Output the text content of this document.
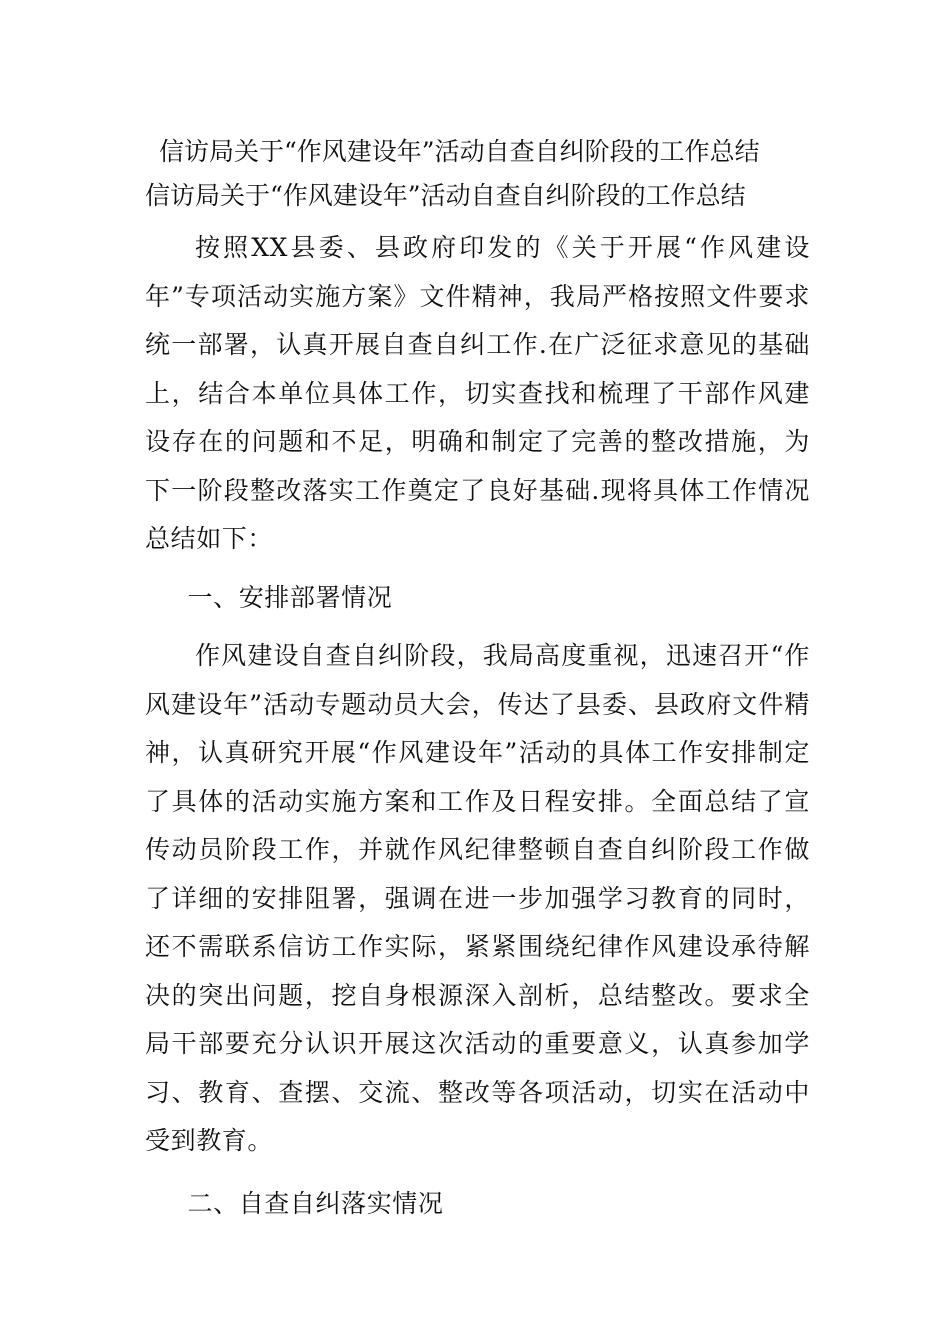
信访局关于“作风建设年”活动自查自纠阶段的工作总结
信访局关于“作风建设年”活动自查自纠阶段的工作总结

按照XX县委、县政府印发的《关于开展“作风建设年”专项活动实施方案》文件精神，我局严格按照文件要求统一部署，认真开展自查自纠工作.在广泛征求意见的基础上，结合本单位具体工作，切实查找和梳理了干部作风建设存在的问题和不足，明确和制定了完善的整改措施，为下一阶段整改落实工作奠定了良好基础.现将具体工作情况总结如下：

一、安排部署情况

作风建设自查自纠阶段，我局高度重视，迅速召开“作风建设年”活动专题动员大会，传达了县委、县政府文件精神，认真研究开展“作风建设年”活动的具体工作安排制定了具体的活动实施方案和工作及日程安排。全面总结了宣传动员阶段工作，并就作风纪律整顿自查自纠阶段工作做了详细的安排阻署，强调在进一步加强学习教育的同时，还不需联系信访工作实际，紧紧围绕纪律作风建设承待解决的突出问题，挖自身根源深入剖析，总结整改。要求全局干部要充分认识开展这次活动的重要意义，认真参加学习、教育、查摆、交流、整改等各项活动，切实在活动中受到教育。

二、自查自纠落实情况
